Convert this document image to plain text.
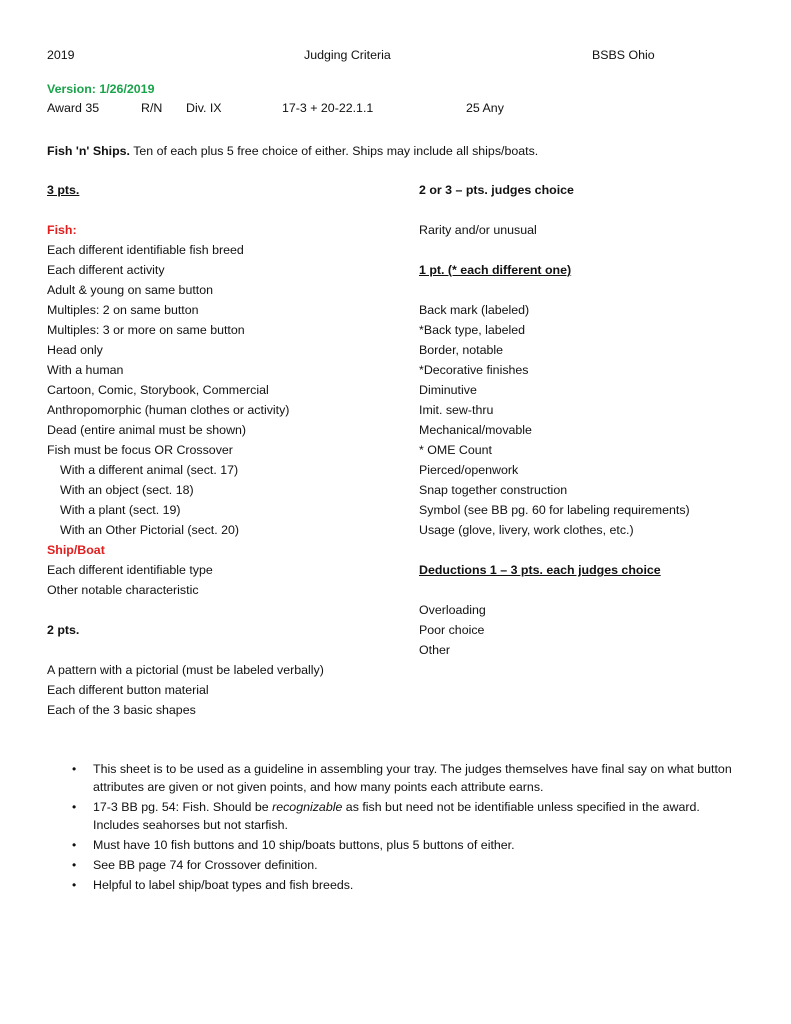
2019	Judging Criteria	BSBS Ohio
Version: 1/26/2019
Award 35	R/N Div. IX	17-3 + 20-22.1.1	25 Any
Fish 'n' Ships. Ten of each plus 5 free choice of either. Ships may include all ships/boats.
3 pts.
Fish:
Each different identifiable fish breed
Each different activity
Adult & young on same button
Multiples: 2 on same button
Multiples: 3 or more on same button
Head only
With a human
Cartoon, Comic, Storybook, Commercial
Anthropomorphic (human clothes or activity)
Dead (entire animal must be shown)
Fish must be focus OR Crossover
With a different animal (sect. 17)
With an object (sect. 18)
With a plant (sect. 19)
With an Other Pictorial (sect. 20)
Ship/Boat
Each different identifiable type
Other notable characteristic
2 pts.
A pattern with a pictorial (must be labeled verbally)
Each different button material
Each of the 3 basic shapes
2 or 3 – pts. judges choice
Rarity and/or unusual
1 pt. (* each different one)
Back mark (labeled)
*Back type, labeled
Border, notable
*Decorative finishes
Diminutive
Imit. sew-thru
Mechanical/movable
* OME Count
Pierced/openwork
Snap together construction
Symbol (see BB pg. 60 for labeling requirements)
Usage (glove, livery, work clothes, etc.)
Deductions 1 – 3 pts. each judges choice
Overloading
Poor choice
Other
• This sheet is to be used as a guideline in assembling your tray. The judges themselves have final say on what button attributes are given or not given points, and how many points each attribute earns.
• 17-3 BB pg. 54: Fish. Should be recognizable as fish but need not be identifiable unless specified in the award. Includes seahorses but not starfish.
• Must have 10 fish buttons and 10 ship/boats buttons, plus 5 buttons of either.
• See BB page 74 for Crossover definition.
• Helpful to label ship/boat types and fish breeds.
